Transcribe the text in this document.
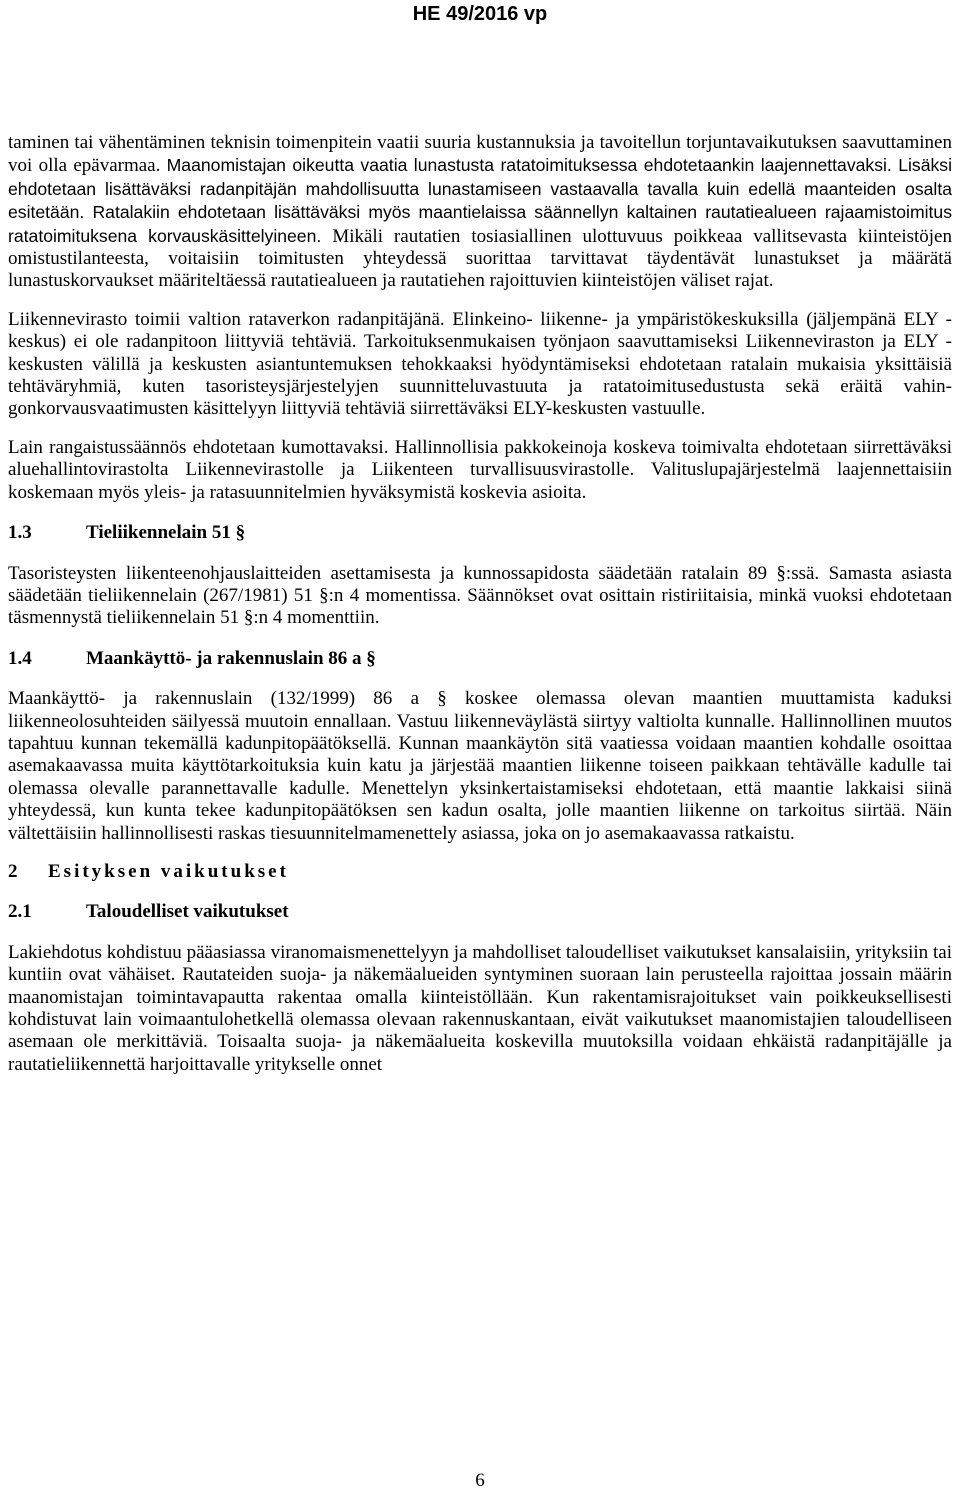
HE 49/2016 vp

taminen tai vähentäminen teknisin toimenpitein vaatii suuria kustannuksia ja tavoitellun torjuntavaikutuksen saavuttaminen voi olla epävarmaa. Maanomistajan oikeutta vaatia lunastusta ratatoimituksessa ehdotetaankin laajennettavaksi. Lisäksi ehdotetaan lisättäväksi radanpitäjän mahdollisuutta lunastamiseen vastaavalla tavalla kuin edellä maanteiden osalta esitetään. Ratalakiin ehdotetaan lisättäväksi myös maantielaissa säännellyn kaltainen rautatiealueen rajaamistoimitus ratatoimituksena korvauskäsittelyineen. Mikäli rautatien tosiasiallinen ulottuvuus poikkeaa vallitsevasta kiinteistöjen omistustilanteesta, voitaisiin toimitusten yhteydessä suorittaa tarvittavat täydentävät lunastukset ja määrätä lunastuskorvaukset määriteltäessä rautatiealueen ja rautatiehen rajoittuvien kiinteistöjen väliset rajat.

Liikennevirasto toimii valtion rataverkon radanpitäjänä. Elinkeino- liikenne- ja ympäristökeskuksilla (jäljempänä ELY -keskus) ei ole radanpitoon liittyviä tehtäviä. Tarkoituksenmukaisen työnjaon saavuttamiseksi Liikenneviraston ja ELY -keskusten välillä ja keskusten asiantuntemuksen tehokkaaksi hyödyntämiseksi ehdotetaan ratalain mukaisia yksittäisiä tehtäväryhmiä, kuten tasoristeysjärjestelyjen suunnitteluvastuuta ja ratatoimitusedustusta sekä eräitä vahingonkorvausvaatimusten käsittelyyn liittyviä tehtäviä siirrettäväksi ELY-keskusten vastuulle.

Lain rangaistussäännös ehdotetaan kumottavaksi. Hallinnollisia pakkokeinoja koskeva toimivalta ehdotetaan siirrettäväksi aluehallintovirastolta Liikennevirastolle ja Liikenteen turvallisuusvirastolle. Valituslupajärjestelmä laajennettaisiin koskemaan myös yleis- ja ratasuunnitelmien hyväksymistä koskevia asioita.

1.3	Tieliikennelain 51 §

Tasoristeysten liikenteenohjauslaitteiden asettamisesta ja kunnossapidosta säädetään ratalain 89 §:ssä. Samasta asiasta säädetään tieliikennelain (267/1981) 51 §:n 4 momentissa. Säännökset ovat osittain ristiriitaisia, minkä vuoksi ehdotetaan täsmennystä tieliikennelain 51 §:n 4 momenttiin.

1.4	Maankäyttö- ja rakennuslain 86 a §

Maankäyttö- ja rakennuslain (132/1999) 86 a § koskee olemassa olevan maantien muuttamista kaduksi liikenneolosuhteiden säilyessä muutoin ennallaan. Vastuu liikenneväylästä siirtyy valtiolta kunnalle. Hallinnollinen muutos tapahtuu kunnan tekemällä kadunpitopäätöksellä. Kunnan maankäytön sitä vaatiessa voidaan maantien kohdalle osoittaa asemakaavassa muita käyttötarkoituksia kuin katu ja järjestää maantien liikenne toiseen paikkaan tehtävälle kadulle tai olemassa olevalle parannettavalle kadulle. Menettelyn yksinkertaistamiseksi ehdotetaan, että maantie lakkaisi siinä yhteydessä, kun kunta tekee kadunpitopäätöksen sen kadun osalta, jolle maantien liikenne on tarkoitus siirtää. Näin vältettäisiin hallinnollisesti raskas tiesuunnitelmamenettely asiassa, joka on jo asemakaavassa ratkaistu.

2	Esityksen vaikutukset
2.1	Taloudelliset vaikutukset

Lakiehdotus kohdistuu pääasiassa viranomaismenettelyyn ja mahdolliset taloudelliset vaikutukset kansalaisiin, yrityksiin tai kuntiin ovat vähäiset. Rautateiden suoja- ja näkemäalueiden syntyminen suoraan lain perusteella rajoittaa jossain määrin maanomistajan toimintavapautta rakentaa omalla kiinteistöllään. Kun rakentamisrajoitukset vain poikkeuksellisesti kohdistuvat lain voimaantulohetkellä olemassa olevaan rakennuskantaan, eivät vaikutukset maanomistajien taloudelliseen asemaan ole merkittäviä. Toisaalta suoja- ja näkemäalueita koskevilla muutoksilla voidaan ehkäistä radanpitäjälle ja rautatieliikennettä harjoittavalle yritykselle onnet

6
